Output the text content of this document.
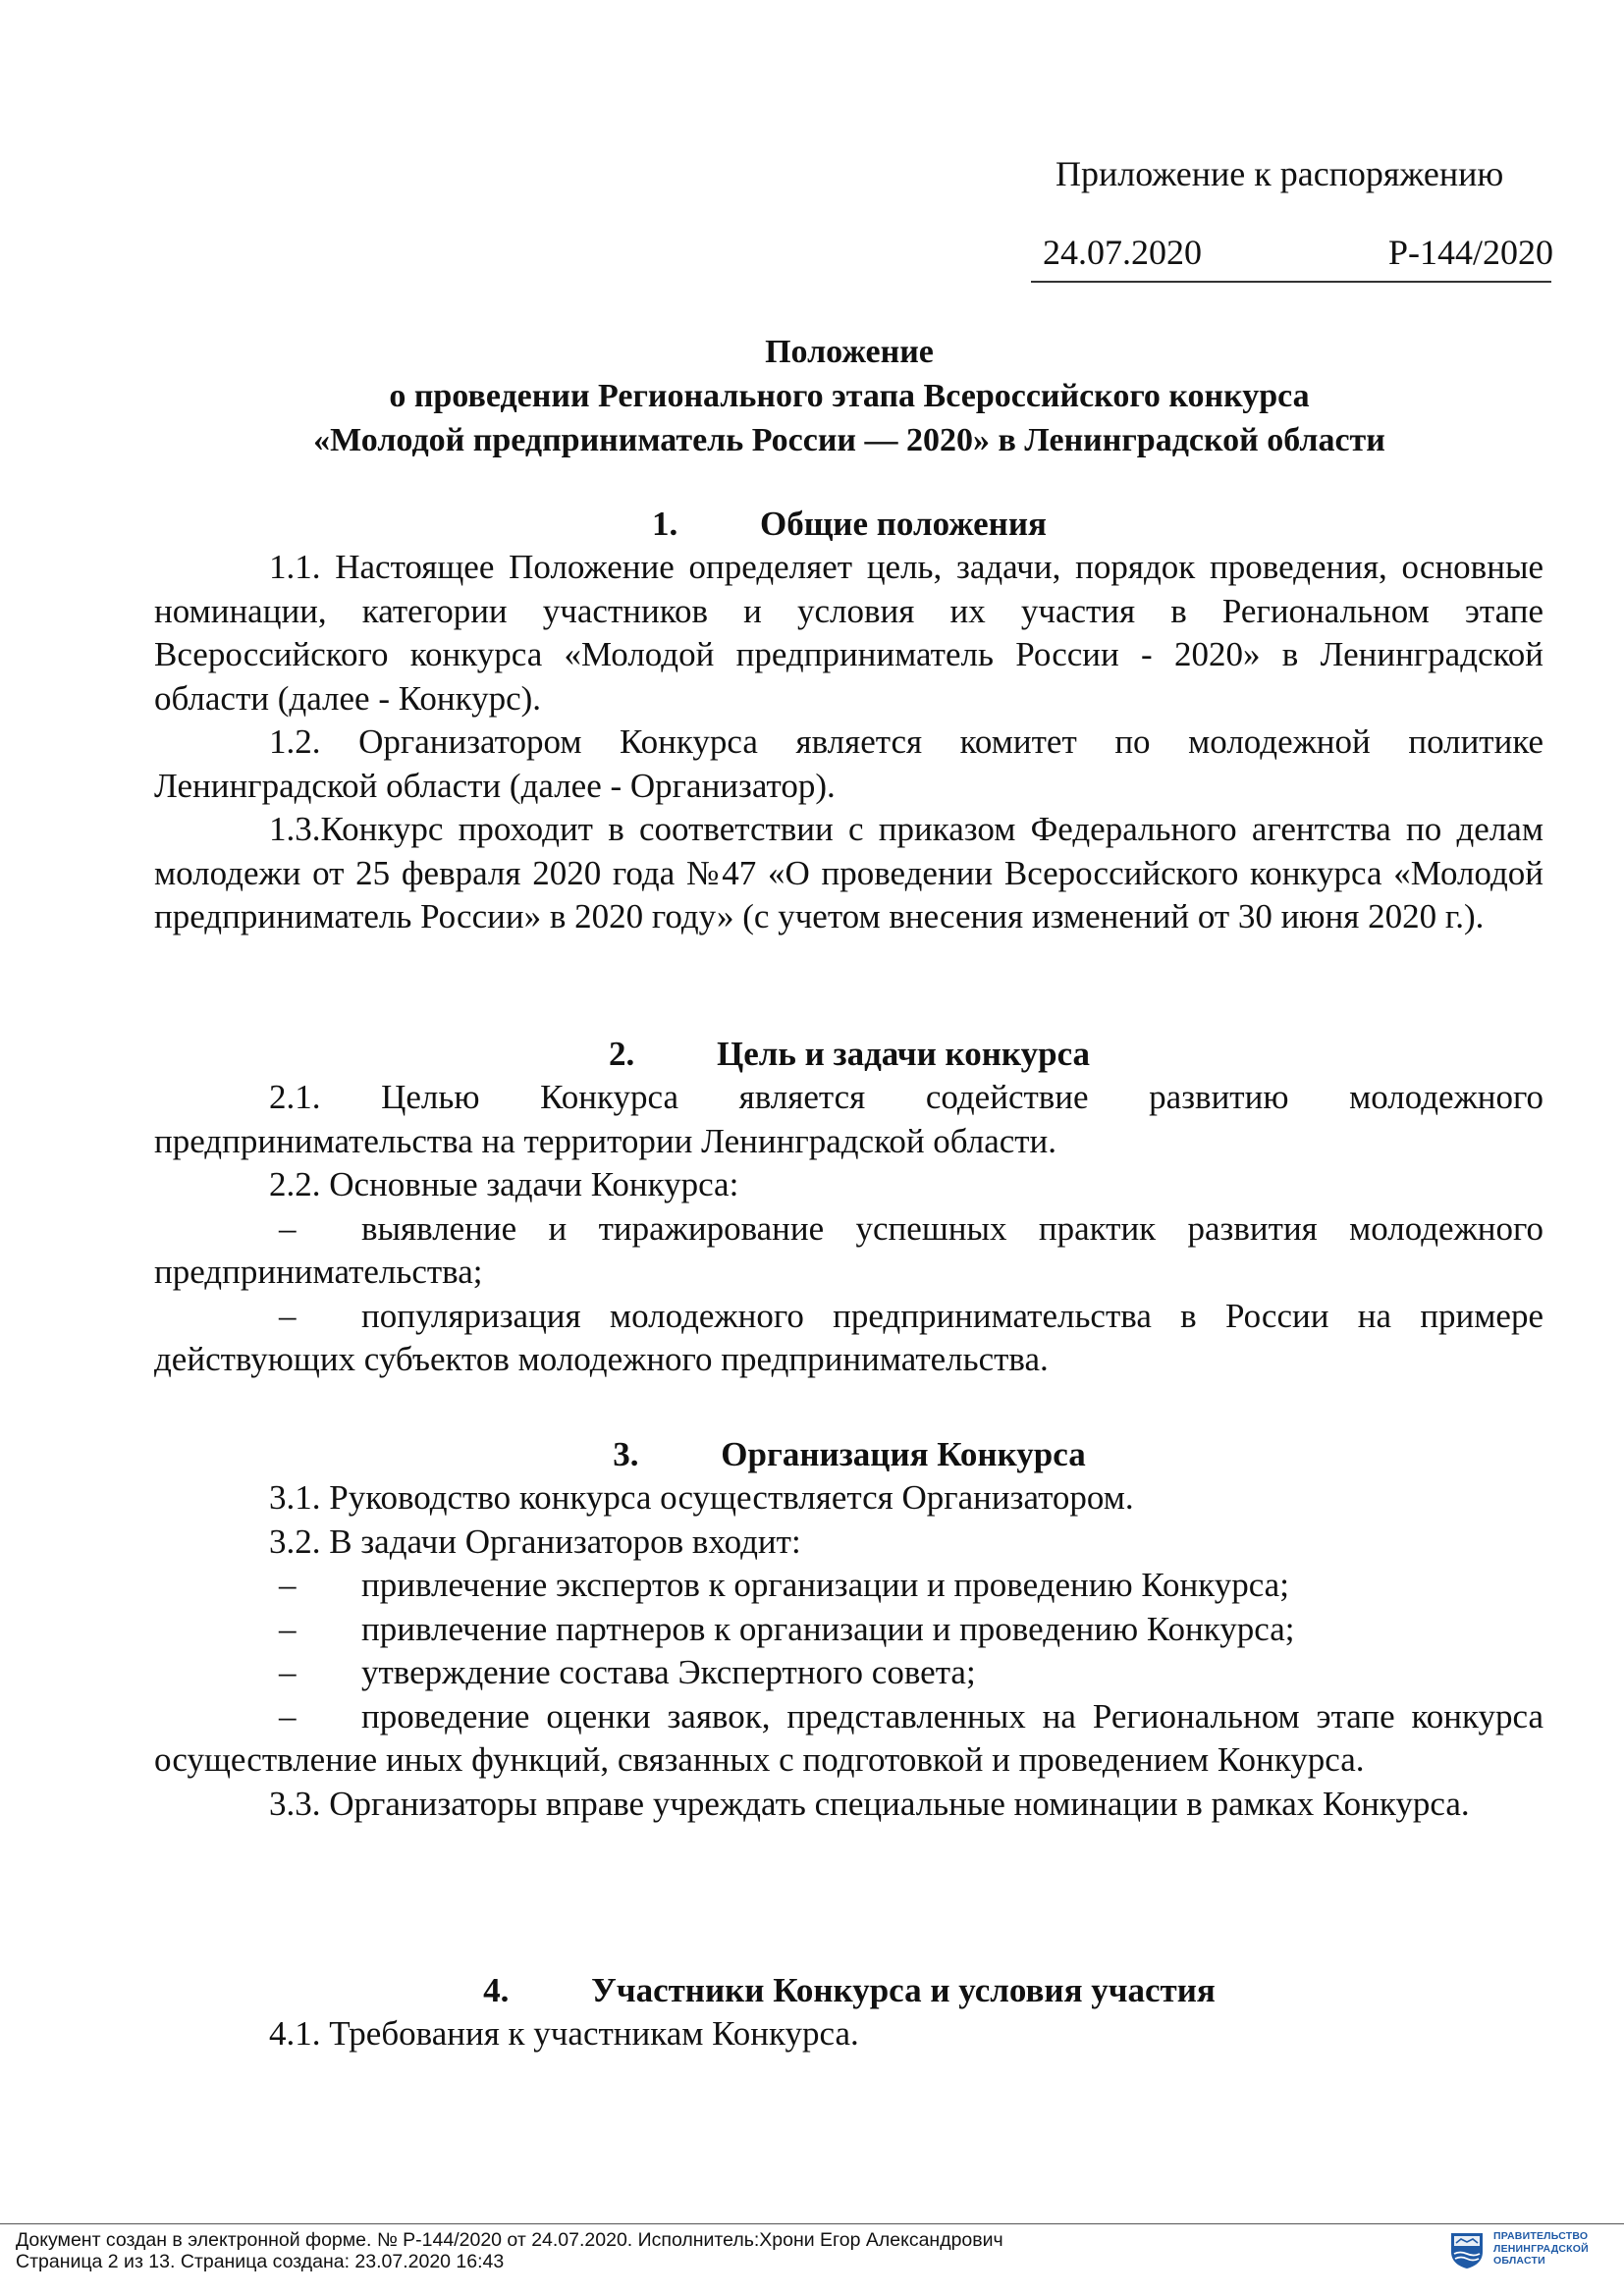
Приложение к распоряжению
24.07.2020	Р-144/2020
Положение
о проведении Регионального этапа Всероссийского конкурса
«Молодой предприниматель России — 2020» в Ленинградской области
1. Общие положения

1.1. Настоящее Положение определяет цель, задачи, порядок проведения, основные номинации, категории участников и условия их участия в Региональном этапе Всероссийского конкурса «Молодой предприниматель России - 2020» в Ленинградской области (далее - Конкурс).

1.2. Организатором Конкурса является комитет по молодежной политике Ленинградской области (далее - Организатор).

1.3.Конкурс проходит в соответствии с приказом Федерального агентства по делам молодежи от 25 февраля 2020 года №47 «О проведении Всероссийского конкурса «Молодой предприниматель России» в 2020 году» (с учетом внесения изменений от 30 июня 2020 г.).

2. Цель и задачи конкурса

2.1. Целью Конкурса является содействие развитию молодежного предпринимательства на территории Ленинградской области.

2.2. Основные задачи Конкурса:

– выявление и тиражирование успешных практик развития молодежного предпринимательства;

– популяризация молодежного предпринимательства в России на примере действующих субъектов молодежного предпринимательства.

3. Организация Конкурса

3.1. Руководство конкурса осуществляется Организатором.

3.2. В задачи Организаторов входит:

– привлечение экспертов к организации и проведению Конкурса;

– привлечение партнеров к организации и проведению Конкурса;

– утверждение состава Экспертного совета;

– проведение оценки заявок, представленных на Региональном этапе конкурса осуществление иных функций, связанных с подготовкой и проведением Конкурса.

3.3. Организаторы вправе учреждать специальные номинации в рамках Конкурса.

4. Участники Конкурса и условия участия

4.1. Требования к участникам Конкурса.

Документ создан в электронной форме. № Р-144/2020 от 24.07.2020. Исполнитель:Хрони Егор Александрович
Страница 2 из 13. Страница создана: 23.07.2020 16:43
ПРАВИТЕЛЬСТВО
ЛЕНИНГРАДСКОЙ
ОБЛАСТИ
